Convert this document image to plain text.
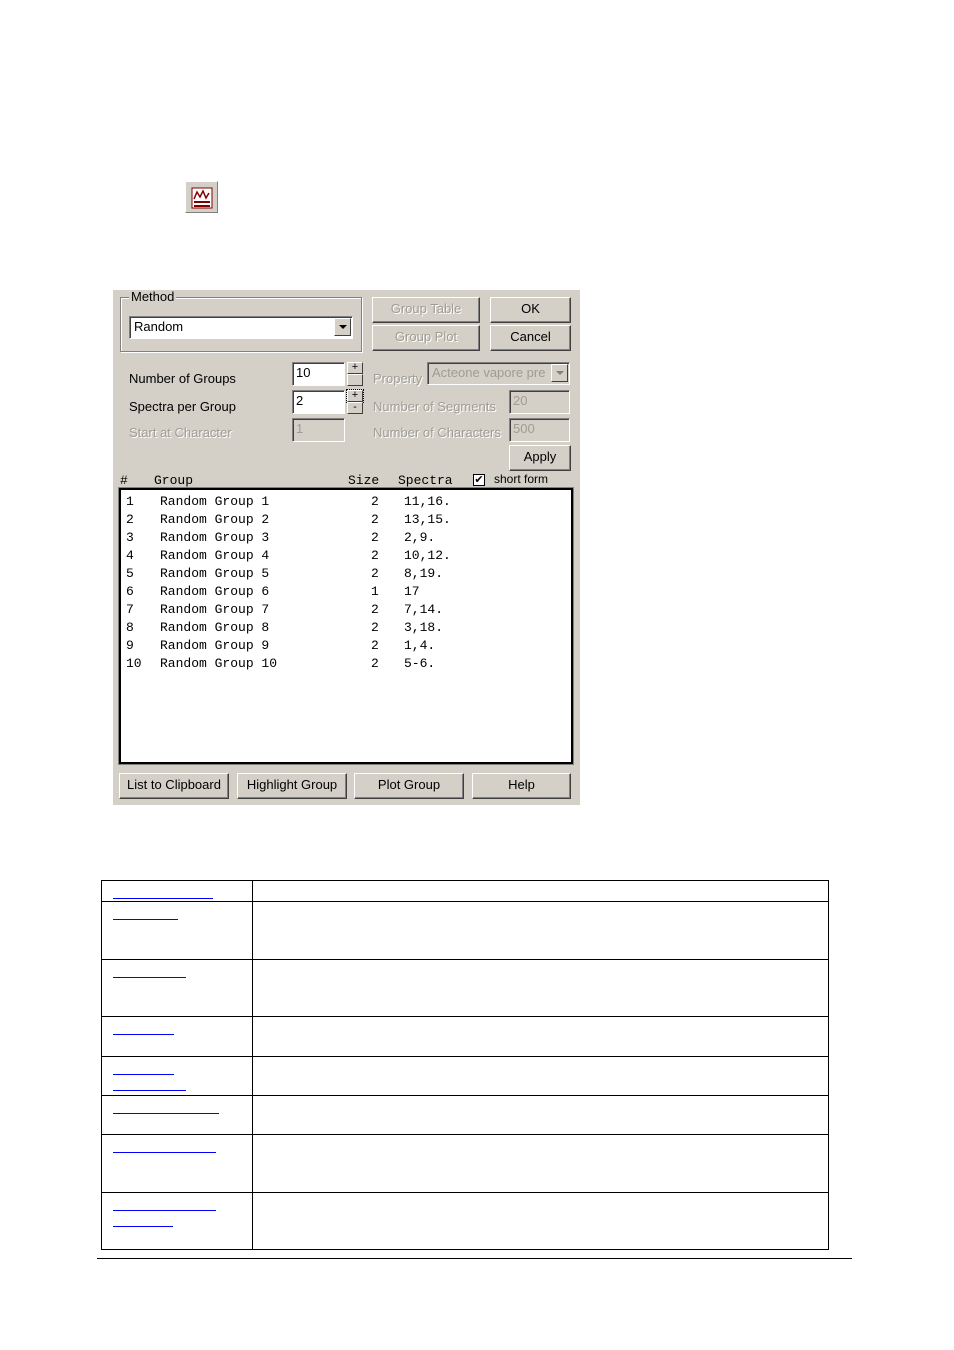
Method
Random
Group Table
Group Plot
OK
Cancel
Number of Groups	10	+
Spectra per Group	2	+
-
Start at Character	1
Property Acteone vapore pre
Number of Segments	20
Number of Characters 500
Apply
# Group	Size Spectra ✔ short form
1 Random Group 1	2 11,16.
2 Random Group 2	2 13,15.
3 Random Group 3	2 2,9.
4 Random Group 4	2 10,12.
5 Random Group 5	2 8,19.
6 Random Group 6	1 17
7 Random Group 7	2 7,14.
8 Random Group 8	2 3,18.
9 Random Group 9	2 1,4.
10 Random Group 10	2 5-6.
List to Clipboard	Highlight Group	Plot Group	Help
